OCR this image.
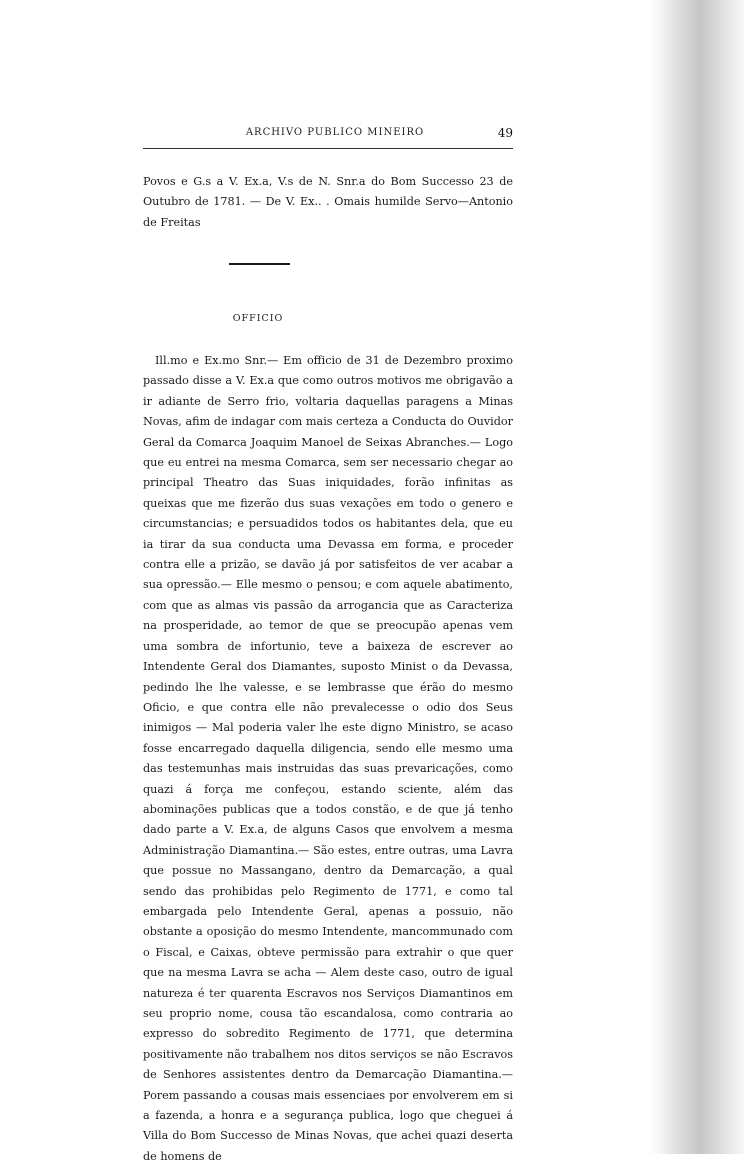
ARCHIVO PUBLICO MINEIRO	49

Povos e G.s a V. Ex.a, V.s de N. Snr.a do Bom Successo 23 de Outubro de 1781. — De V. Ex.. . Omais humilde Servo—Antonio de Freitas

OFFICIO

Ill.mo e Ex.mo Snr.— Em officio de 31 de Dezembro proximo passado disse a V. Ex.a que como outros motivos me obrigavão a ir adiante de Serro frio, voltaria daquellas paragens a Minas Novas, afim de indagar com mais certeza a Conducta do Ouvidor Geral da Comarca Joaquim Manoel de Seixas Abranches.— Logo que eu entrei na mesma Comarca, sem ser necessario chegar ao principal Theatro das Suas iniquidades, forão infinitas as queixas que me fizerão dus suas vexações em todo o genero e circumstancias; e persuadidos todos os habitantes dela, que eu ia tirar da sua conducta uma Devassa em forma, e proceder contra elle a prizão, se davão já por satisfeitos de ver acabar a sua opressão.— Elle mesmo o pensou; e com aquele abatimento, com que as almas vis passão da arrogancia que as Caracteriza na prosperidade, ao temor de que se preocupão apenas vem uma sombra de infortunio, teve a baixeza de escrever ao Intendente Geral dos Diamantes, suposto Minist o da Devassa, pedindo lhe lhe valesse, e se lembrasse que érão do mesmo Oficio, e que contra elle não prevalecesse o odio dos Seus inimigos — Mal poderia valer lhe este digno Ministro, se acaso fosse encarregado daquella diligencia, sendo elle mesmo uma das testemunhas mais instruidas das suas prevaricações, como quazi á força me confeçou, estando sciente, além das abominações publicas que a todos constão, e de que já tenho dado parte a V. Ex.a, de alguns Casos que envolvem a mesma Administração Diamantina.— São estes, entre outras, uma Lavra que possue no Massangano, dentro da Demarcação, a qual sendo das prohibidas pelo Regimento de 1771, e como tal embargada pelo Intendente Geral, apenas a possuio, não obstante a oposição do mesmo Intendente, mancommunado com o Fiscal, e Caixas, obteve permissão para extrahir o que quer que na mesma Lavra se acha — Alem deste caso, outro de igual natureza é ter quarenta Escravos nos Serviços Diamantinos em seu proprio nome, cousa tão escandalosa, como contraria ao expresso do sobredito Regimento de 1771, que determina positivamente não trabalhem nos ditos serviços se não Escravos de Senhores assistentes dentro da Demarcação Diamantina.— Porem passando a cousas mais essenciaes por envolverem em si a fazenda, a honra e a segurança publica, logo que cheguei á Villa do Bom Successo de Minas Novas, que achei quazi deserta de homens de
